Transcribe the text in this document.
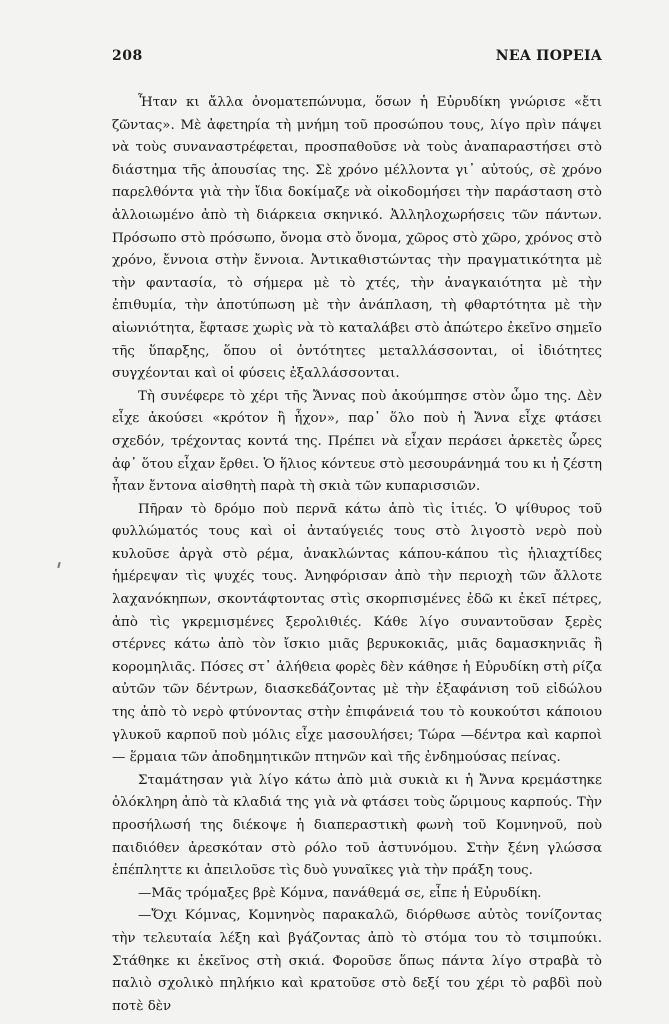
208	ΝΕΑ ΠΟΡΕΙΑ

Ἦταν κι ἄλλα ὀνοματεπώνυμα, ὅσων ἡ Εὐρυδίκη γνώρισε «ἔτι ζῶντας». Μὲ ἀφετηρία τὴ μνήμη τοῦ προσώπου τους, λίγο πρὶν πάψει νὰ τοὺς συναναστρέφεται, προσπαθοῦσε νὰ τοὺς ἀναπαραστήσει στὸ διάστημα τῆς ἀπουσίας της. Σὲ χρόνο μέλλοντα γι᾽ αὐτούς, σὲ χρόνο παρελθόντα γιὰ τὴν ἴδια δοκίμαζε νὰ οἰκοδομήσει τὴν παράσταση στὸ ἀλλοιωμένο ἀπὸ τὴ διάρκεια σκηνικό. Ἀλληλοχωρήσεις τῶν πάντων. Πρόσωπο στὸ πρόσωπο, ὄνομα στὸ ὄνομα, χῶρος στὸ χῶρο, χρόνος στὸ χρόνο, ἔννοια στὴν ἔννοια. Ἀντικαθιστώντας τὴν πραγματικότητα μὲ τὴν φαντασία, τὸ σήμερα μὲ τὸ χτές, τὴν ἀναγκαιότητα μὲ τὴν ἐπιθυμία, τὴν ἀποτύπωση μὲ τὴν ἀνάπλαση, τὴ φθαρτότητα μὲ τὴν αἰωνιότητα, ἔφτασε χωρὶς νὰ τὸ καταλάβει στὸ ἀπώτερο ἐκεῖνο σημεῖο τῆς ὕπαρξης, ὅπου οἱ ὀντότητες μεταλλάσσονται, οἱ ἰδιότητες συγχέονται καὶ οἱ φύσεις ἐξαλλάσσονται.

Τὴ συνέφερε τὸ χέρι τῆς Ἄννας ποὺ ἀκούμπησε στὸν ὦμο της. Δὲν εἶχε ἀκούσει «κρότον ἢ ἦχον», παρ᾽ ὅλο ποὺ ἡ Ἄννα εἶχε φτάσει σχεδόν, τρέχοντας κοντά της. Πρέπει νὰ εἶχαν περάσει ἀρκετὲς ὧρες ἀφ᾽ ὅτου εἶχαν ἔρθει. Ὁ ἥλιος κόντευε στὸ μεσουράνημά του κι ἡ ζέστη ἦταν ἔντονα αἰσθητὴ παρὰ τὴ σκιὰ τῶν κυπαρισσιῶν.

Πῆραν τὸ δρόμο ποὺ περνᾶ κάτω ἀπὸ τὶς ἰτιές. Ὁ ψίθυρος τοῦ φυλλώματός τους καὶ οἱ ἀνταύγειές τους στὸ λιγοστὸ νερὸ ποὺ κυλοῦσε ἀργὰ στὸ ρέμα, ἀνακλώντας κάπου-κάπου τὶς ἡλιαχτίδες ἡμέρεψαν τὶς ψυχές τους. Ἀνηφόρισαν ἀπὸ τὴν περιοχὴ τῶν ἄλλοτε λαχανόκηπων, σκοντάφτοντας στὶς σκορπισμένες ἐδῶ κι ἐκεῖ πέτρες, ἀπὸ τὶς γκρεμισμένες ξερολιθιές. Κάθε λίγο συναντοῦσαν ξερὲς στέρνες κάτω ἀπὸ τὸν ἴσκιο μιᾶς βερυκοκιᾶς, μιᾶς δαμασκηνιᾶς ἢ κορομηλιᾶς. Πόσες στ᾽ ἀλήθεια φορὲς δὲν κάθησε ἡ Εὐρυδίκη στὴ ρίζα αὐτῶν τῶν δέντρων, διασκεδάζοντας μὲ τὴν ἐξαφάνιση τοῦ εἰδώλου της ἀπὸ τὸ νερὸ φτύνοντας στὴν ἐπιφάνειά του τὸ κουκούτσι κάποιου γλυκοῦ καρποῦ ποὺ μόλις εἶχε μασουλήσει; Τώρα —δέντρα καὶ καρποὶ— ἕρμαια τῶν ἀποδημητικῶν πτηνῶν καὶ τῆς ἐνδημούσας πείνας.

Σταμάτησαν γιὰ λίγο κάτω ἀπὸ μιὰ συκιὰ κι ἡ Ἄννα κρεμάστηκε ὁλόκληρη ἀπὸ τὰ κλαδιά της γιὰ νὰ φτάσει τοὺς ὥριμους καρπούς. Τὴν προσήλωσή της διέκοψε ἡ διαπεραστικὴ φωνὴ τοῦ Κομνηνοῦ, ποὺ παιδιόθεν ἀρεσκόταν στὸ ρόλο τοῦ ἀστυνόμου. Στὴν ξένη γλώσσα ἐπέπληττε κι ἀπειλοῦσε τὶς δυὸ γυναῖκες γιὰ τὴν πράξη τους.

—Μᾶς τρόμαξες βρὲ Κόμνα, πανάθεμά σε, εἶπε ἡ Εὐρυδίκη.

—Ὄχι Κόμνας, Κομνηνὸς παρακαλῶ, διόρθωσε αὐτὸς τονίζοντας τὴν τελευταία λέξη καὶ βγάζοντας ἀπὸ τὸ στόμα του τὸ τσιμπούκι. Στάθηκε κι ἐκεῖνος στὴ σκιά. Φοροῦσε ὅπως πάντα λίγο στραβὰ τὸ παλιὸ σχολικὸ πηλήκιο καὶ κρατοῦσε στὸ δεξί του χέρι τὸ ραβδὶ ποὺ ποτὲ δὲν
